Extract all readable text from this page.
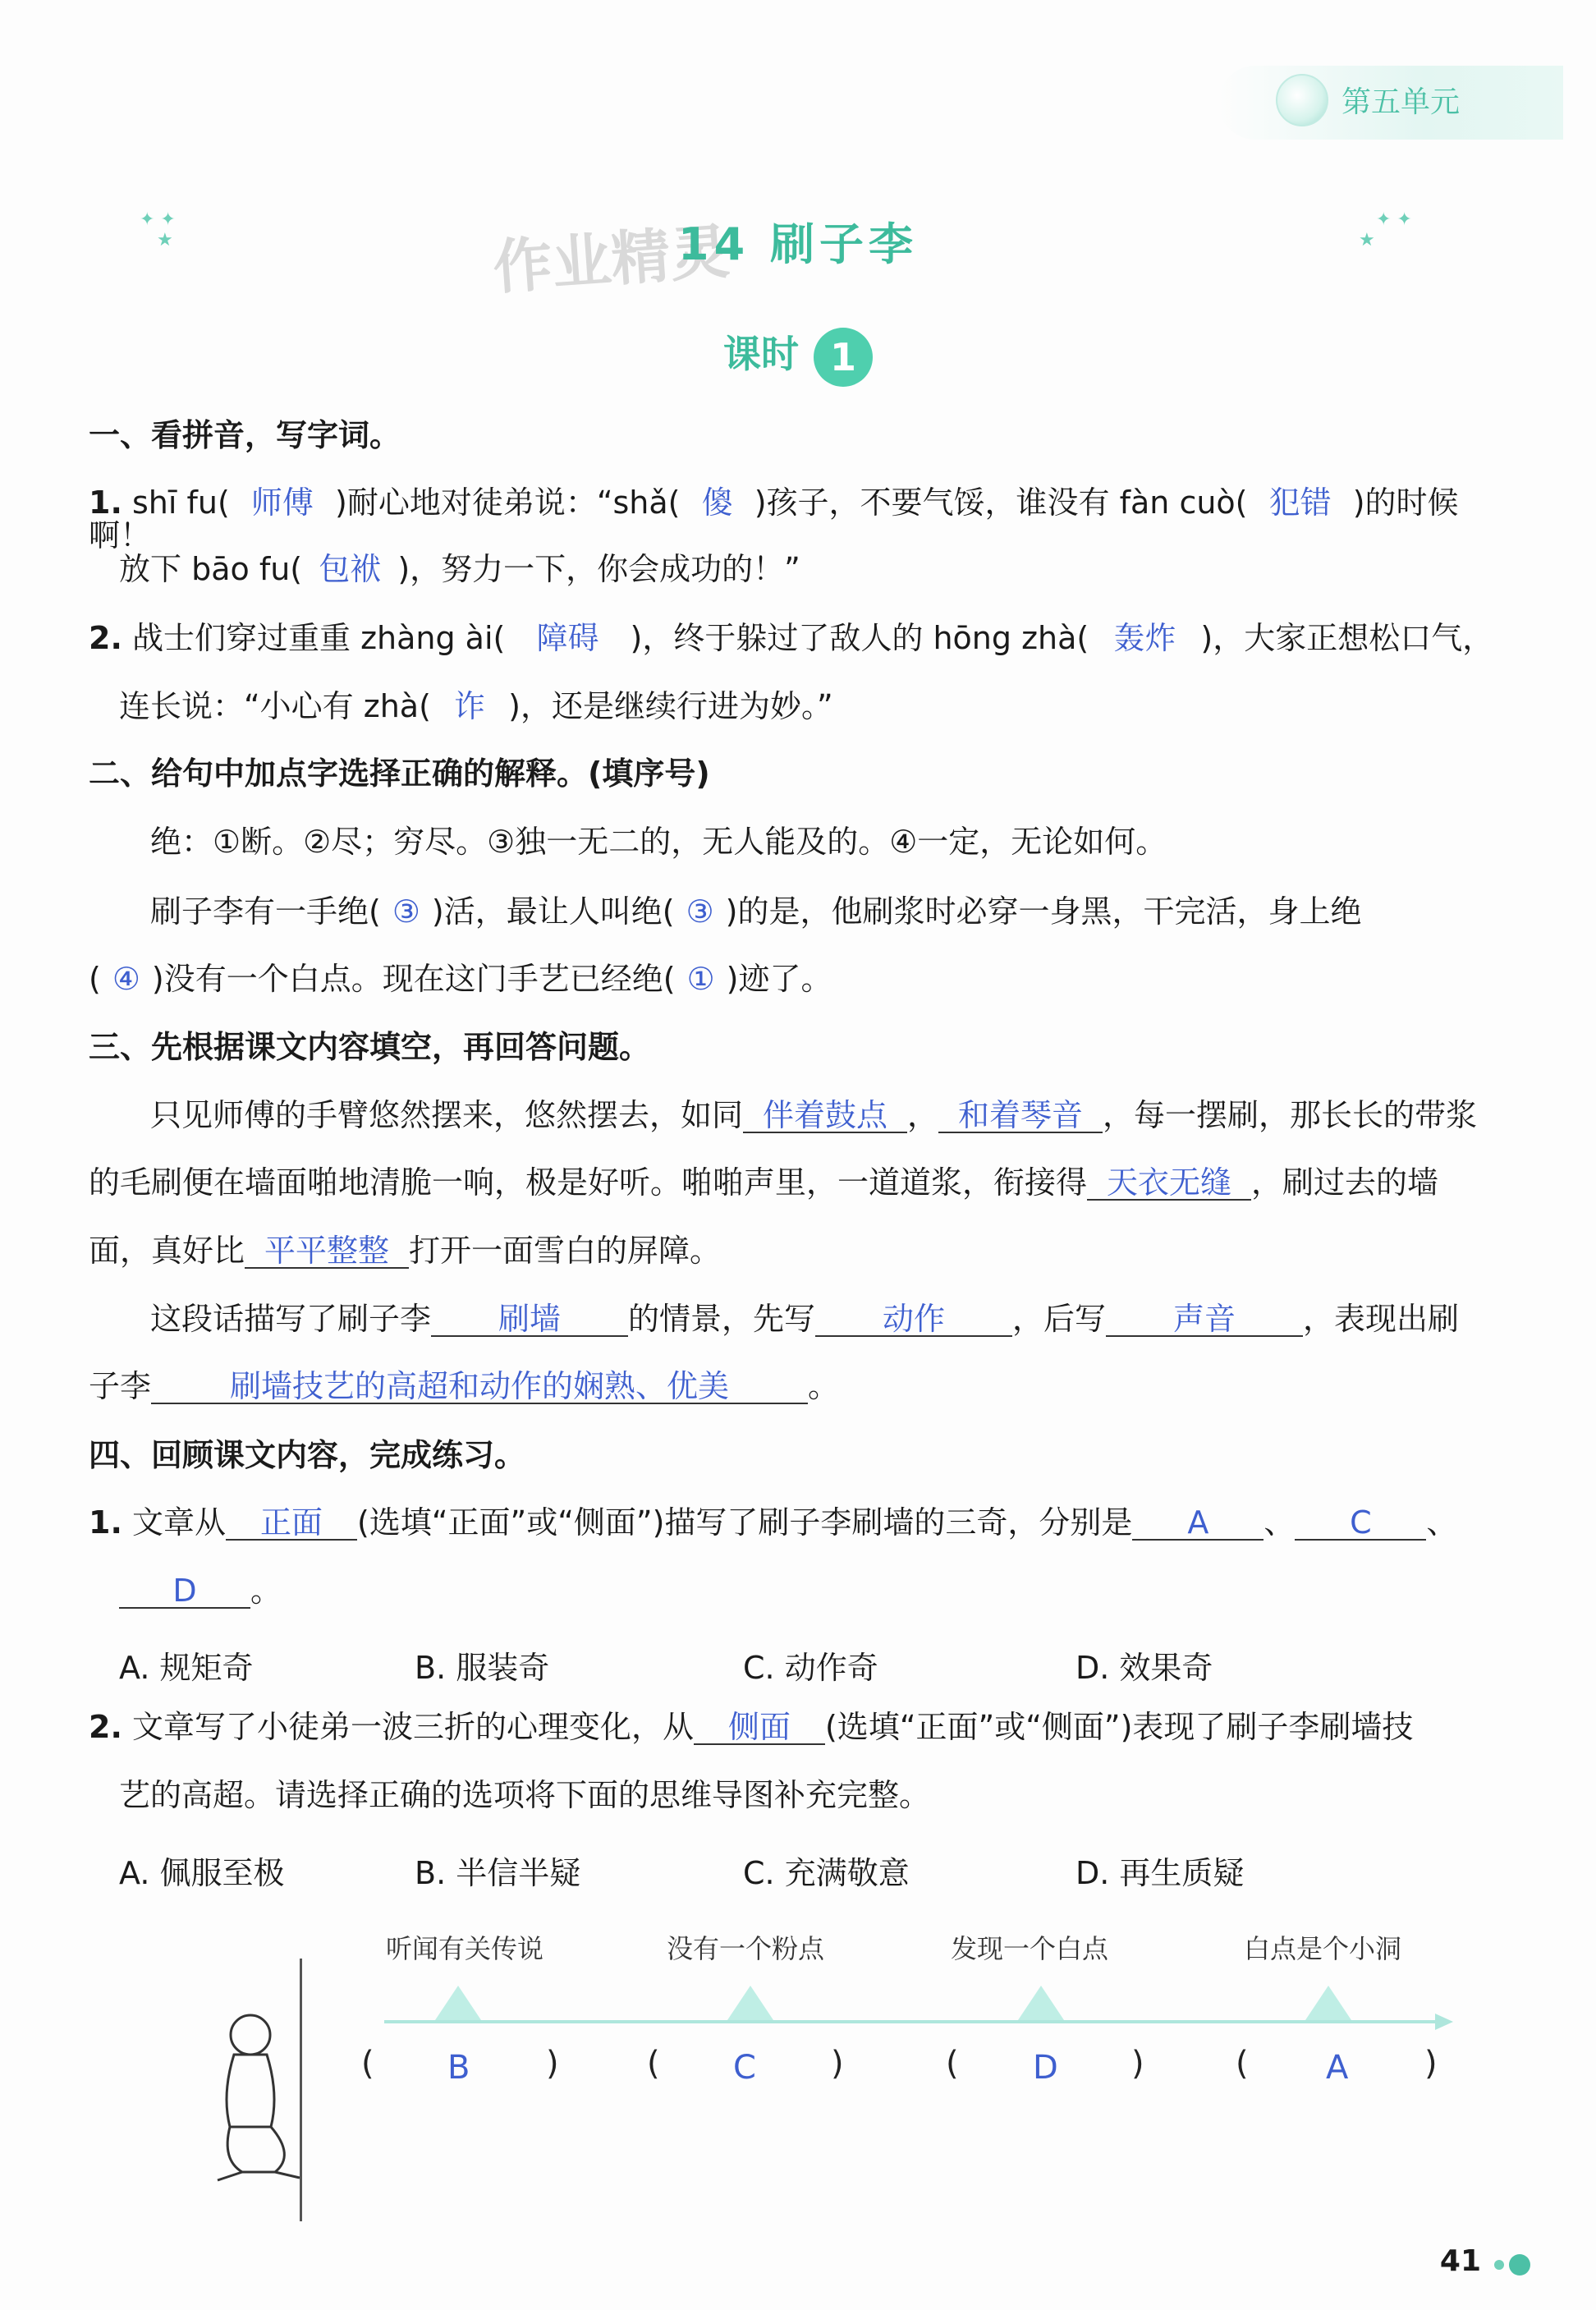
第五单元
✦ ✦
★
✦ ✦
★
作业精灵
14 刷子李
课时 1
一、看拼音，写字词。
1. shī fu( 师傅 )耐心地对徒弟说：“shǎ( 傻 )孩子，不要气馁，谁没有 fàn cuò( 犯错 )的时候啊！
放下 bāo fu( 包袱 )，努力一下，你会成功的！”
2. 战士们穿过重重 zhàng ài( 障碍 )，终于躲过了敌人的 hōng zhà( 轰炸 )，大家正想松口气，
连长说：“小心有 zhà( 诈 )，还是继续行进为妙。”
二、给句中加点字选择正确的解释。(填序号)
绝：①断。②尽；穷尽。③独一无二的，无人能及的。④一定，无论如何。
刷子李有一手绝( ③ )活，最让人叫绝( ③ )的是，他刷浆时必穿一身黑，干完活，身上绝
( ④ )没有一个白点。现在这门手艺已经绝( ① )迹了。
三、先根据课文内容填空，再回答问题。
只见师傅的手臂悠然摆来，悠然摆去，如同 伴着鼓点 ， 和着琴音 ，每一摆刷，那长长的带浆
的毛刷便在墙面啪地清脆一响，极是好听。啪啪声里，一道道浆，衔接得 天衣无缝 ，刷过去的墙
面，真好比 平平整整 打开一面雪白的屏障。
这段话描写了刷子李 刷墙 的情景，先写 动作 ，后写 声音 ，表现出刷
子李	刷墙技艺的高超和动作的娴熟、优美	。
四、回顾课文内容，完成练习。
1. 文章从 正面 (选填“正面”或“侧面”)描写了刷子李刷墙的三奇，分别是 A 、 C 、
D 。
A. 规矩奇	B. 服装奇	C. 动作奇	D. 效果奇
2. 文章写了小徒弟一波三折的心理变化，从 侧面 (选填“正面”或“侧面”)表现了刷子李刷墙技
艺的高超。请选择正确的选项将下面的思维导图补充完整。
A. 佩服至极	B. 半信半疑	C. 充满敬意	D. 再生质疑
听闻有关传说	没有一个粉点	发现一个白点	白点是个小洞
( B )	( C )	( D )	( A )
41
